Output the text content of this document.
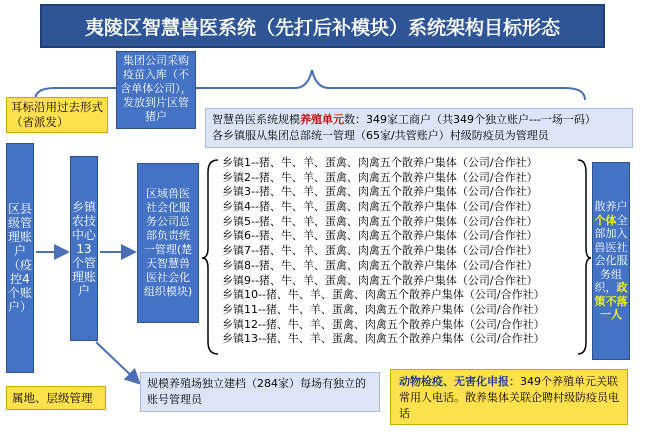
夷陵区智慧兽医系统（先打后补模块）系统架构目标形态
集团公司采购疫苗入库（不含单体公司），发放到片区管猪户
耳标沿用过去形式（省派发）	智慧兽医系统规模养殖单元数：349家工商户（共349个独立账户---一场一码）
各乡镇服从集团总部统一管理（65家/共管账户）村级防疫员为管理员
区县级管理账户（疫控4个账户）
乡镇农技中心13个管理账户
区域兽医社会化服务公司总部负责统一管理(楚天智慧兽医社会化组织模块)
乡镇1--猪、牛、羊、蛋禽、肉禽五个散养户集体（公司/合作社）
乡镇2--猪、牛、羊、蛋禽、肉禽五个散养户集体（公司/合作社）
乡镇3--猪、牛、羊、蛋禽、肉禽五个散养户集体（公司/合作社）
乡镇4--猪、牛、羊、蛋禽、肉禽五个散养户集体（公司/合作社）
乡镇5--猪、牛、羊、蛋禽、肉禽五个散养户集体（公司/合作社）
乡镇6--猪、牛、羊、蛋禽、肉禽五个散养户集体（公司/合作社）
乡镇7--猪、牛、羊、蛋禽、肉禽五个散养户集体（公司/合作社）
乡镇8--猪、牛、羊、蛋禽、肉禽五个散养户集体（公司/合作社）
乡镇9--猪、牛、羊、蛋禽、肉禽五个散养户集体（公司/合作社）
乡镇10--猪、牛、羊、蛋禽、肉禽五个散养户集体（公司/合作社）
乡镇11--猪、牛、羊、蛋禽、肉禽五个散养户集体（公司/合作社）
乡镇12--猪、牛、羊、蛋禽、肉禽五个散养户集体（公司/合作社）
乡镇13--猪、牛、羊、蛋禽、肉禽五个散养户集体（公司/合作社）
散养户个体全部加入兽医社会化服务组织，政策不落一人
属地、层级管理
规模养殖场独立建档（284家）每场有独立的账号管理员
动物检疫、无害化申报：349个养殖单元关联常用人电话。散养集体关联企聘村级防疫员电话
